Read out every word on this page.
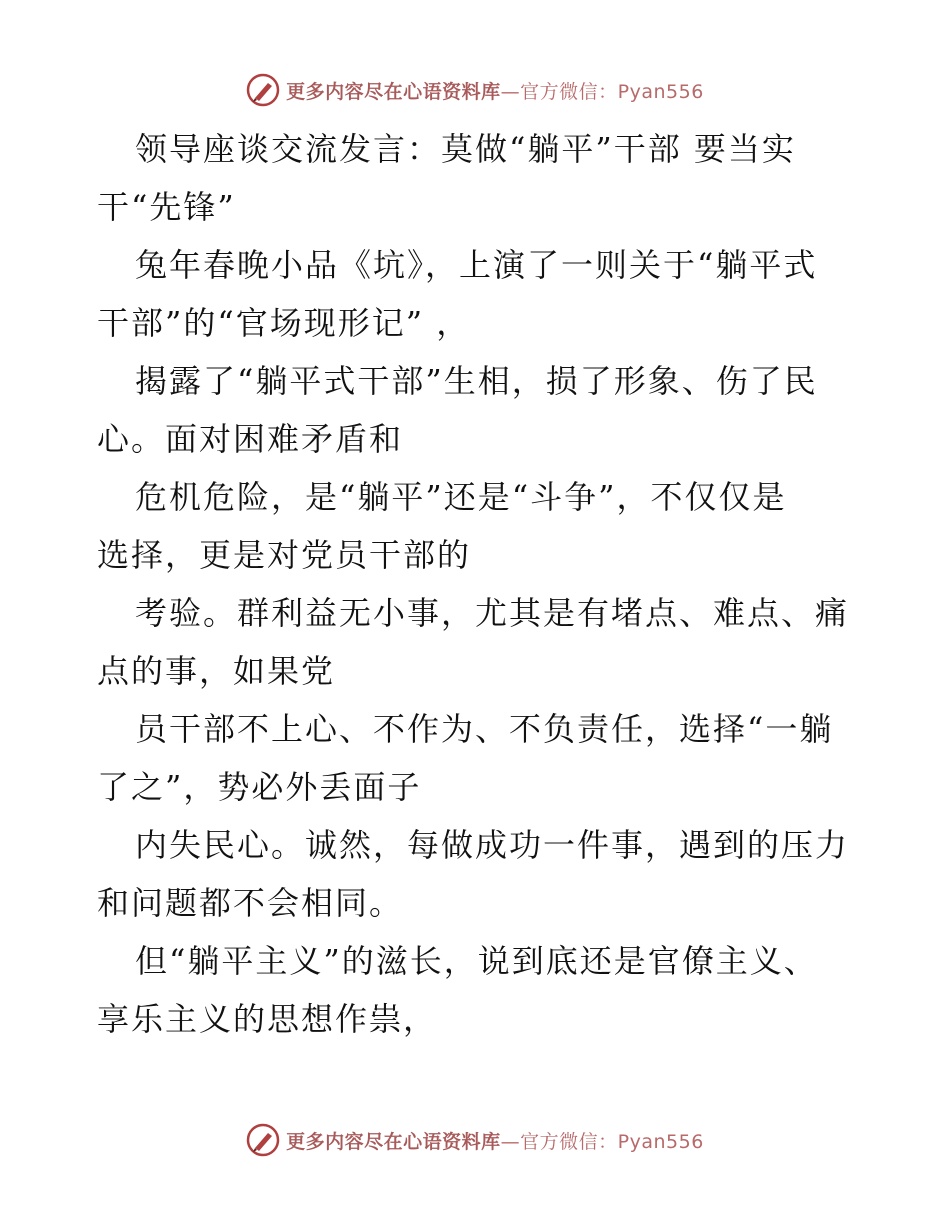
更多内容尽在心语资料库—官方微信：Pyan556

领导座谈交流发言：莫做“躺平”干部 要当实
干“先锋”

兔年春晚小品《坑》，上演了一则关于“躺平式
干部”的“官场现形记” ，

揭露了“躺平式干部”生相，损了形象、伤了民
心。面对困难矛盾和

危机危险，是“躺平”还是“斗争”，不仅仅是
选择，更是对党员干部的

考验。群利益无小事，尤其是有堵点、难点、痛
点的事，如果党

员干部不上心、不作为、不负责任，选择“一躺
了之”，势必外丢面子

内失民心。诚然，每做成功一件事，遇到的压力
和问题都不会相同。

但“躺平主义”的滋长，说到底还是官僚主义、
享乐主义的思想作祟，

更多内容尽在心语资料库—官方微信：Pyan556
